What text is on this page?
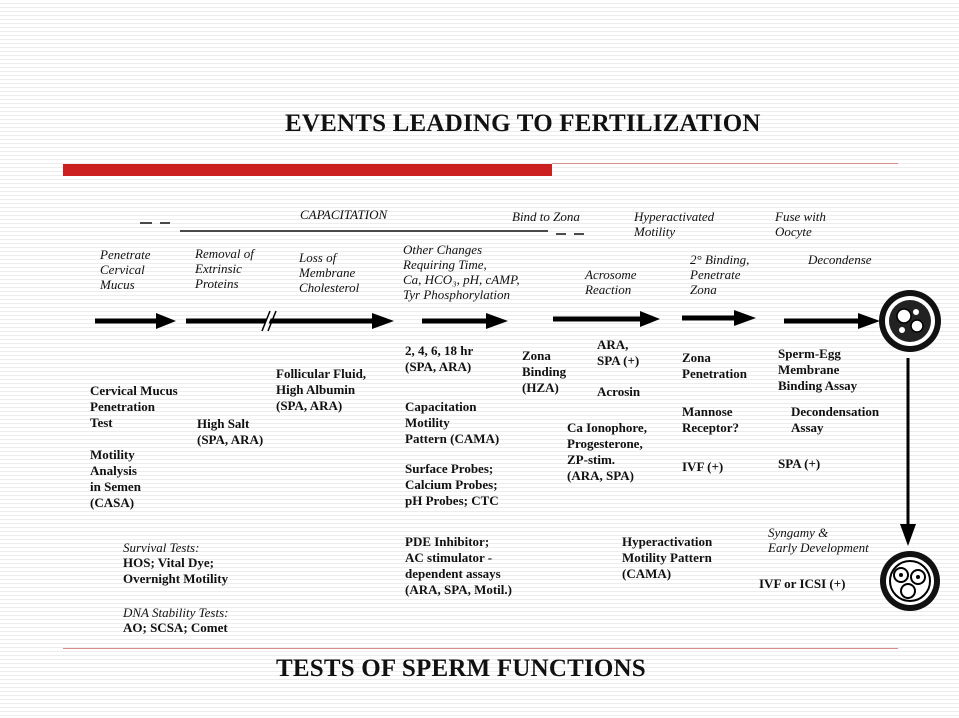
EVENTS LEADING TO FERTILIZATION
TESTS OF SPERM FUNCTIONS
CAPACITATION	Bind to Zona	Hyperactivated
Motility
Fuse with
Oocyte
Penetrate
Cervical
Mucus
Removal of
Extrinsic
Proteins
Loss of
Membrane
Cholesterol
Other Changes
Requiring Time,
Ca, HCO₃, pH, cAMP,
Tyr Phosphorylation
Acrosome
Reaction
2° Binding,
Penetrate
Zona
Decondense
Syngamy &
Early Development
Cervical Mucus
Penetration
Test
Motility
Analysis
in Semen
(CASA)
Survival Tests:
HOS; Vital Dye;
Overnight Motility
DNA Stability Tests:
AO; SCSA; Comet
High Salt
(SPA, ARA)
Follicular Fluid,
High Albumin
(SPA, ARA)
2, 4, 6, 18 hr
(SPA, ARA)
Capacitation
Motility
Pattern (CAMA)
Surface Probes;
Calcium Probes;
pH Probes; CTC
PDE Inhibitor;
AC stimulator -
dependent assays
(ARA, SPA, Motil.)
Zona
Binding
(HZA)
ARA,
SPA (+)
Acrosin
Ca Ionophore,
Progesterone,
ZP-stim.
(ARA, SPA)
Hyperactivation
Motility Pattern
(CAMA)
Zona
Penetration
Mannose
Receptor?
IVF (+)
Sperm-Egg
Membrane
Binding Assay
Decondensation
Assay
SPA (+)
IVF or ICSI (+)
